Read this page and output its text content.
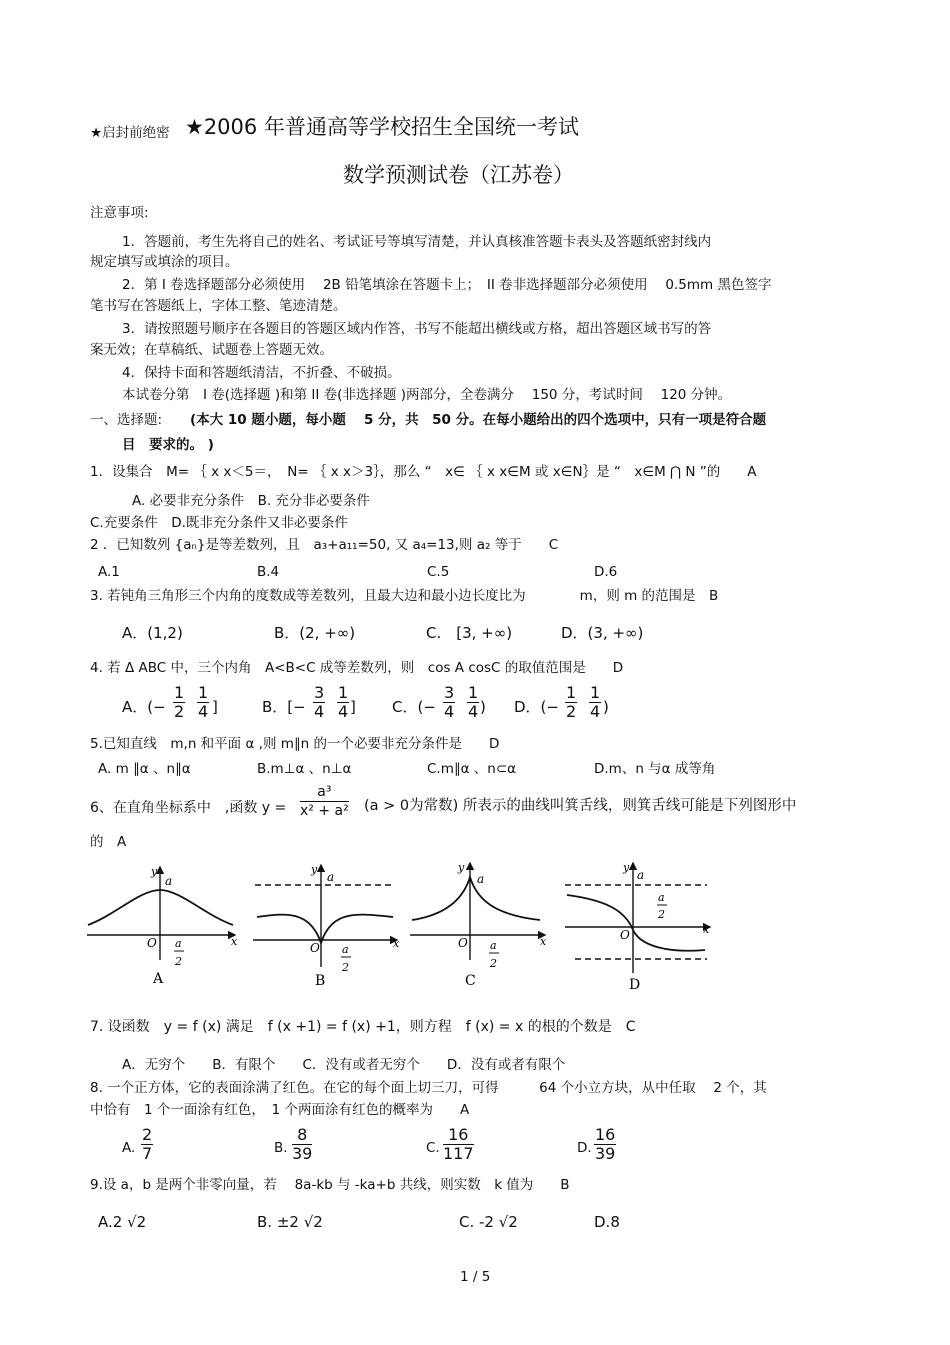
★启封前绝密 ★2006 年普通高等学校招生全国统一考试
数学预测试卷（江苏卷）
注意事项:
1．答题前，考生先将自己的姓名、考试证号等填写清楚，并认真核准答题卡表头及答题纸密封线内
规定填写或填涂的项目。
2．第 I 卷选择题部分必须使用　 2B 铅笔填涂在答题卡上；　II 卷非选择题部分必须使用　 0.5mm 黑色签字
笔书写在答题纸上，字体工整、笔迹清楚。
3．请按照题号顺序在各题目的答题区域内作答，书写不能超出横线或方格，超出答题区域书写的答
案无效；在草稿纸、试题卷上答题无效。
4．保持卡面和答题纸清洁，不折叠、不破损。
本试卷分第　I 卷(选择题 )和第 II 卷(非选择题 )两部分，全卷满分　 150 分，考试时间　 120 分钟。
一、选择题:　 (本大 10 题小题，每小题　 5 分，共　50 分。在每小题给出的四个选项中，只有一项是符合题
目　要求的。 )
1．设集合　M= ｛ x x＜5＝，　N= ｛ x x＞3｝，那么 “　x∈ ｛ x x∈M 或 x∈N｝是 “　x∈M ⋂ N ”的　　A
A. 必要非充分条件　B. 充分非必要条件
C.充要条件　D.既非充分条件又非必要条件
2 ．已知数列 {aₙ}是等差数列，且　a₃+a₁₁=50, 又 a₄=13,则 a₂ 等于　　C
A.1	B.4	C.5	D.6
3. 若钝角三角形三个内角的度数成等差数列，且最大边和最小边长度比为　　　　m，则 m 的范围是　B
A．(1,2)	B．(2, +∞)	C.　[3, +∞)	D．(3, +∞)
4. 若 Δ ABC 中，三个内角　A<B<C 成等差数列，则　cos A cosC 的取值范围是　　D
A．(− $\frac{1}{2} \frac{1}{4}$ ]	B．[− $\frac{3}{4} \frac{1}{4}$ ] C．(− $\frac{3}{4} \frac{1}{4}$ ) D．(− $\frac{1}{2} \frac{1}{4}$ )
5.已知直线　m,n 和平面 α ,则 m∥n 的一个必要非充分条件是　　D
A. m ∥α 、n∥α	B.m⊥α 、n⊥α	C.m∥α 、n⊂α	D.m、n 与α 成等角
6、在直角坐标系中　,函数 $y = \frac{\text{a³}}{\text{x² + a²}} (a > 0$为常数) 所表示的曲线叫箕舌线，则箕舌线可能是下列图形中
的　A
y
a
O	x
a
2
A
y
a
O	x
a
2
B
y
a
O	x
a
2
C
y
a
a
2
O	x
D
7. 设函数　y = f (x) 满足　f (x +1) = f (x) +1，则方程　f (x) = x 的根的个数是　C
A．无穷个　　B．有限个　　C．没有或者无穷个　　D．没有或者有限个
8. 一个正方体，它的表面涂满了红色。在它的每个面上切三刀，可得　　　64 个小立方块，从中任取　 2 个，其
中恰有　1 个一面涂有红色，　1 个两面涂有红色的概率为　　A
A. $\frac{2}{7}$	B. $\frac{8}{39}$	C. $\frac{16}{117}$	D. $\frac{16}{39}$
9.设 a，b 是两个非零向量，若　 8a-kb 与 -ka+b 共线，则实数　k 值为　　B
A.2 √2	B. ±2 √2	C. -2 √2	D.8
1 / 5
